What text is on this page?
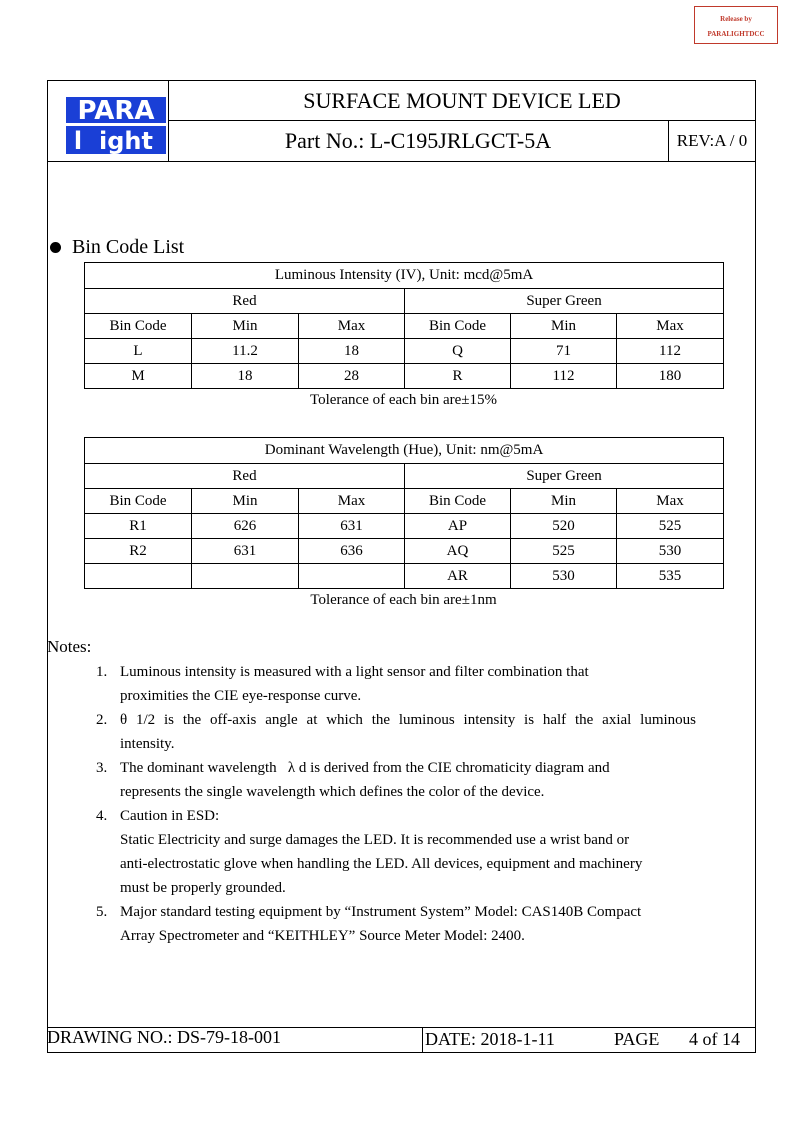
Release by
PARALIGHTDCC
PARA
l ight
SURFACE MOUNT DEVICE LED
Part No.: L-C195JRLGCT-5A	REV:A / 0
Bin Code List
Luminous Intensity (IV), Unit: mcd@5mA					
Red			Super Green		
Bin Code	Min	Max	Bin Code	Min	Max
L	11.2	18	Q	71	112
M	18	28	R	112	180
Tolerance of each bin are±15%
Dominant Wavelength (Hue), Unit: nm@5mA					
Red			Super Green		
Bin Code	Min	Max	Bin Code	Min	Max
R1	626	631	AP	520	525
R2	631	636	AQ	525	530
			AR	530	535
Tolerance of each bin are±1nm
Notes:
1. Luminous intensity is measured with a light sensor and filter combination that
proximities the CIE eye-response curve.
2. θ 1/2 is the off-axis angle at which the luminous intensity is half the axial luminous
intensity.
3. The dominant wavelength   λ d is derived from the CIE chromaticity diagram and
represents the single wavelength which defines the color of the device.
4. Caution in ESD:
Static Electricity and surge damages the LED. It is recommended use a wrist band or
anti-electrostatic glove when handling the LED. All devices, equipment and machinery
must be properly grounded.
5. Major standard testing equipment by “Instrument System” Model: CAS140B Compact
Array Spectrometer and “KEITHLEY” Source Meter Model: 2400.
DRAWING NO.: DS-79-18-001	DATE: 2018-1-11	PAGE 4 of 14
